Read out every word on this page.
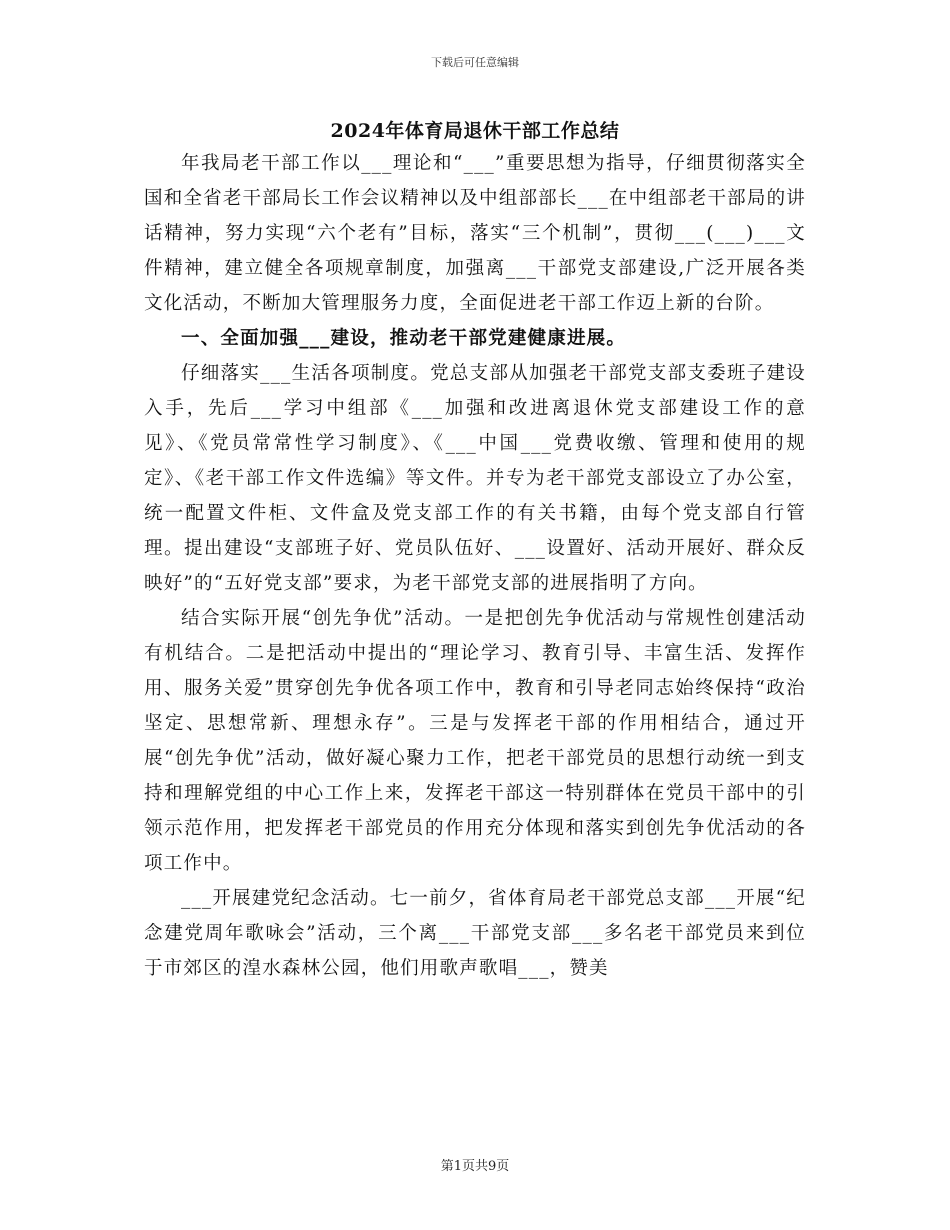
下载后可任意编辑
2024年体育局退休干部工作总结

年我局老干部工作以___理论和“___”重要思想为指导，仔细贯彻落实全国和全省老干部局长工作会议精神以及中组部部长___在中组部老干部局的讲话精神，努力实现“六个老有”目标，落实“三个机制”，贯彻___(___)___文件精神，建立健全各项规章制度，加强离___干部党支部建设,广泛开展各类文化活动，不断加大管理服务力度，全面促进老干部工作迈上新的台阶。

一、全面加强___建设，推动老干部党建健康进展。

仔细落实___生活各项制度。党总支部从加强老干部党支部支委班子建设入手，先后___学习中组部《___加强和改进离退休党支部建设工作的意见》、《党员常常性学习制度》、《___中国___党费收缴、管理和使用的规定》、《老干部工作文件选编》等文件。并专为老干部党支部设立了办公室，统一配置文件柜、文件盒及党支部工作的有关书籍，由每个党支部自行管理。提出建设“支部班子好、党员队伍好、___设置好、活动开展好、群众反映好”的“五好党支部”要求，为老干部党支部的进展指明了方向。

结合实际开展“创先争优”活动。一是把创先争优活动与常规性创建活动有机结合。二是把活动中提出的“理论学习、教育引导、丰富生活、发挥作用、服务关爱”贯穿创先争优各项工作中，教育和引导老同志始终保持“政治坚定、思想常新、理想永存”。三是与发挥老干部的作用相结合，通过开展“创先争优”活动，做好凝心聚力工作，把老干部党员的思想行动统一到支持和理解党组的中心工作上来，发挥老干部这一特别群体在党员干部中的引领示范作用，把发挥老干部党员的作用充分体现和落实到创先争优活动的各项工作中。

___开展建党纪念活动。七一前夕，省体育局老干部党总支部___开展“纪念建党周年歌咏会”活动，三个离___干部党支部___多名老干部党员来到位于市郊区的湟水森林公园，他们用歌声歌唱___，赞美

第1页共9页
